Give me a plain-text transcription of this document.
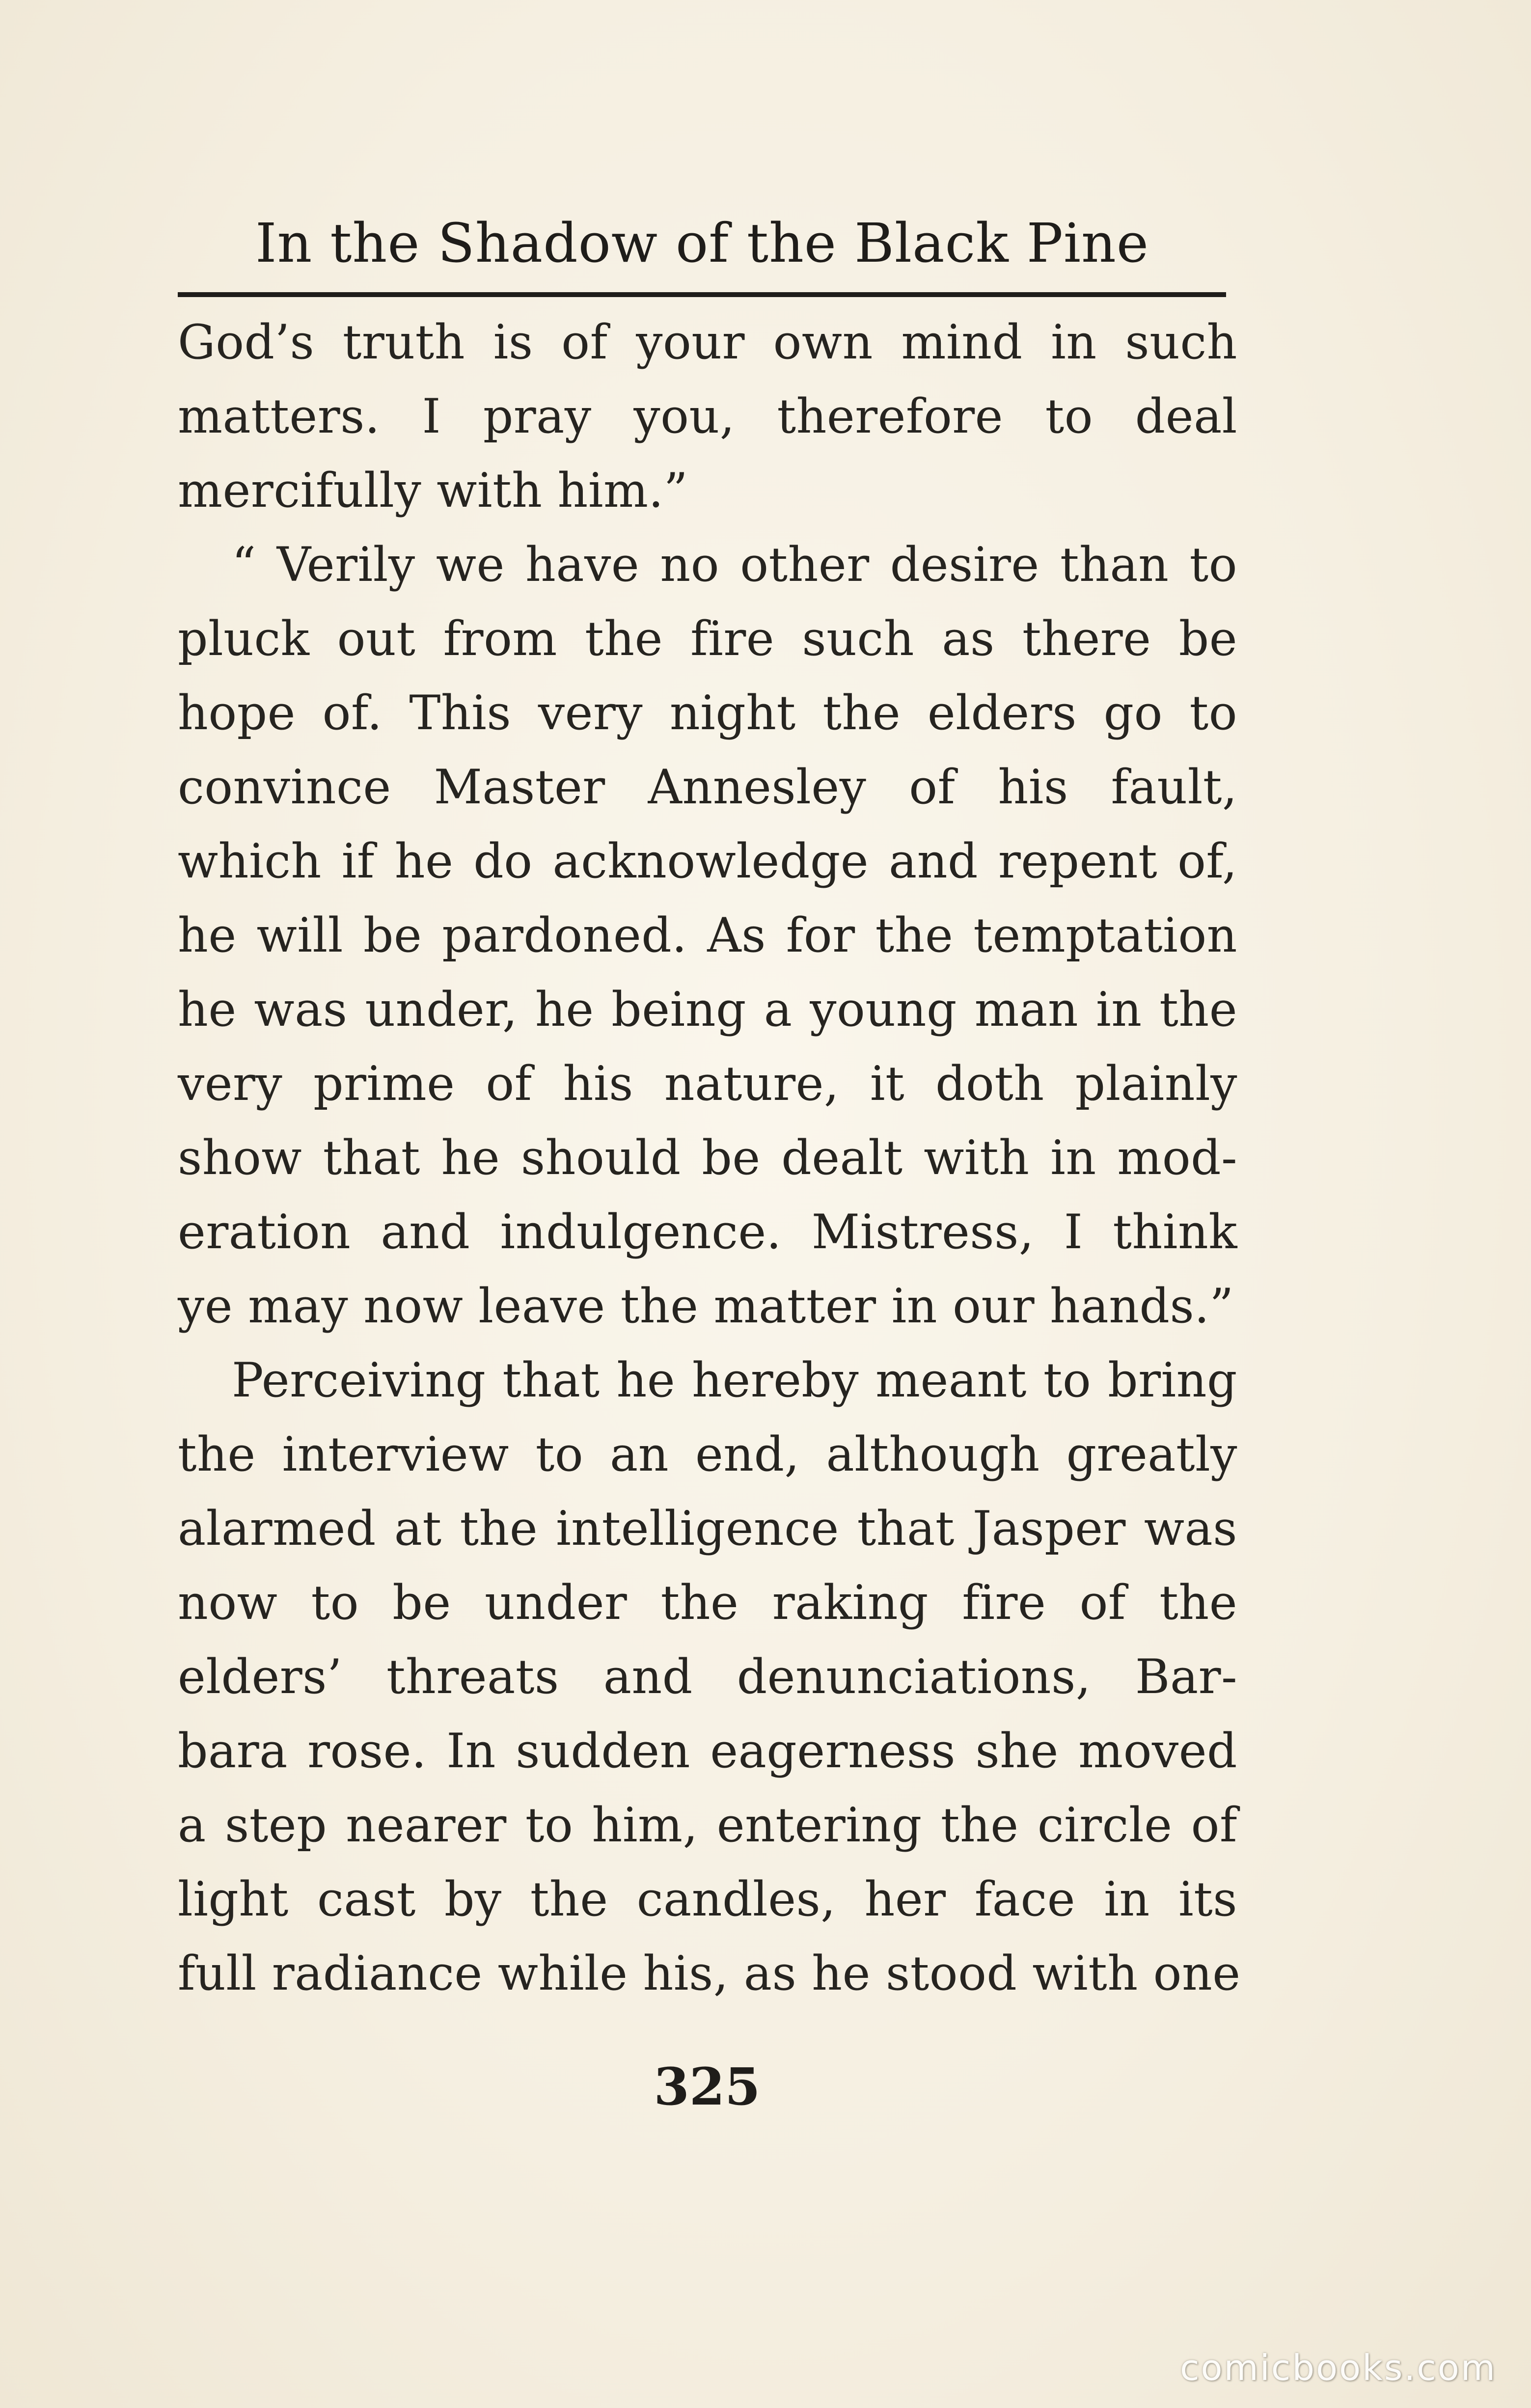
In the Shadow of the Black Pine
God’s truth is of your own mind in such
matters. I pray you, therefore to deal
mercifully with him.”
“ Verily we have no other desire than to
pluck out from the fire such as there be
hope of. This very night the elders go to
convince Master Annesley of his fault,
which if he do acknowledge and repent of,
he will be pardoned. As for the temptation
he was under, he being a young man in the
very prime of his nature, it doth plainly
show that he should be dealt with in mod-
eration and indulgence. Mistress, I think
ye may now leave the matter in our hands.”
Perceiving that he hereby meant to bring
the interview to an end, although greatly
alarmed at the intelligence that Jasper was
now to be under the raking fire of the
elders’ threats and denunciations, Bar-
bara rose. In sudden eagerness she moved
a step nearer to him, entering the circle of
light cast by the candles, her face in its
full radiance while his, as he stood with one
325
comicbooks.com
